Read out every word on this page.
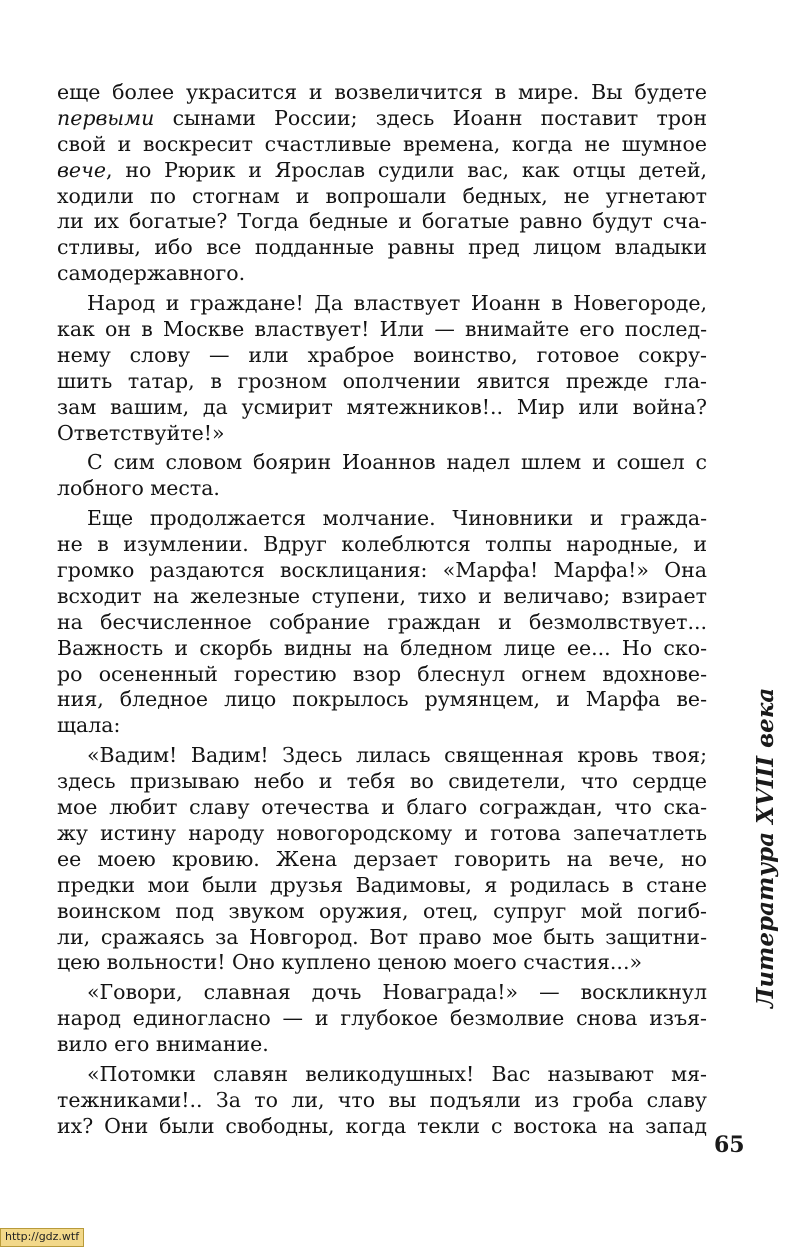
еще более украсится и возвеличится в мире. Вы будете
первыми сынами России; здесь Иоанн поставит трон
свой и воскресит счастливые времена, когда не шумное
вече, но Рюрик и Ярослав судили вас, как отцы детей,
ходили по стогнам и вопрошали бедных, не угнетают
ли их богатые? Тогда бедные и богатые равно будут сча-
стливы, ибо все подданные равны пред лицом владыки
самодержавного.
Народ и граждане! Да властвует Иоанн в Новегороде,
как он в Москве властвует! Или — внимайте его послед-
нему слову — или храброе воинство, готовое сокру-
шить татар, в грозном ополчении явится прежде гла-
зам вашим, да усмирит мятежников!.. Мир или война?
Ответствуйте!»
С сим словом боярин Иоаннов надел шлем и сошел с
лобного места.
Еще продолжается молчание. Чиновники и гражда-
не в изумлении. Вдруг колеблются толпы народные, и
громко раздаются восклицания: «Марфа! Марфа!» Она
всходит на железные ступени, тихо и величаво; взирает
на бесчисленное собрание граждан и безмолвствует...
Важность и скорбь видны на бледном лице ее... Но ско-
ро осененный горестию взор блеснул огнем вдохнове-
ния, бледное лицо покрылось румянцем, и Марфа ве-
щала:
«Вадим! Вадим! Здесь лилась священная кровь твоя;
здесь призываю небо и тебя во свидетели, что сердце
мое любит славу отечества и благо сограждан, что ска-
жу истину народу новогородскому и готова запечатлеть
ее моею кровию. Жена дерзает говорить на вече, но
предки мои были друзья Вадимовы, я родилась в стане
воинском под звуком оружия, отец, супруг мой погиб-
ли, сражаясь за Новгород. Вот право мое быть защитни-
цею вольности! Оно куплено ценою моего счастия...»
«Говори, славная дочь Новаграда!» — воскликнул
народ единогласно — и глубокое безмолвие снова изъя-
вило его внимание.
«Потомки славян великодушных! Вас называют мя-
тежниками!.. За то ли, что вы подъяли из гроба славу
их? Они были свободны, когда текли с востока на запад
Литература XVIII века
65
http://gdz.wtf
